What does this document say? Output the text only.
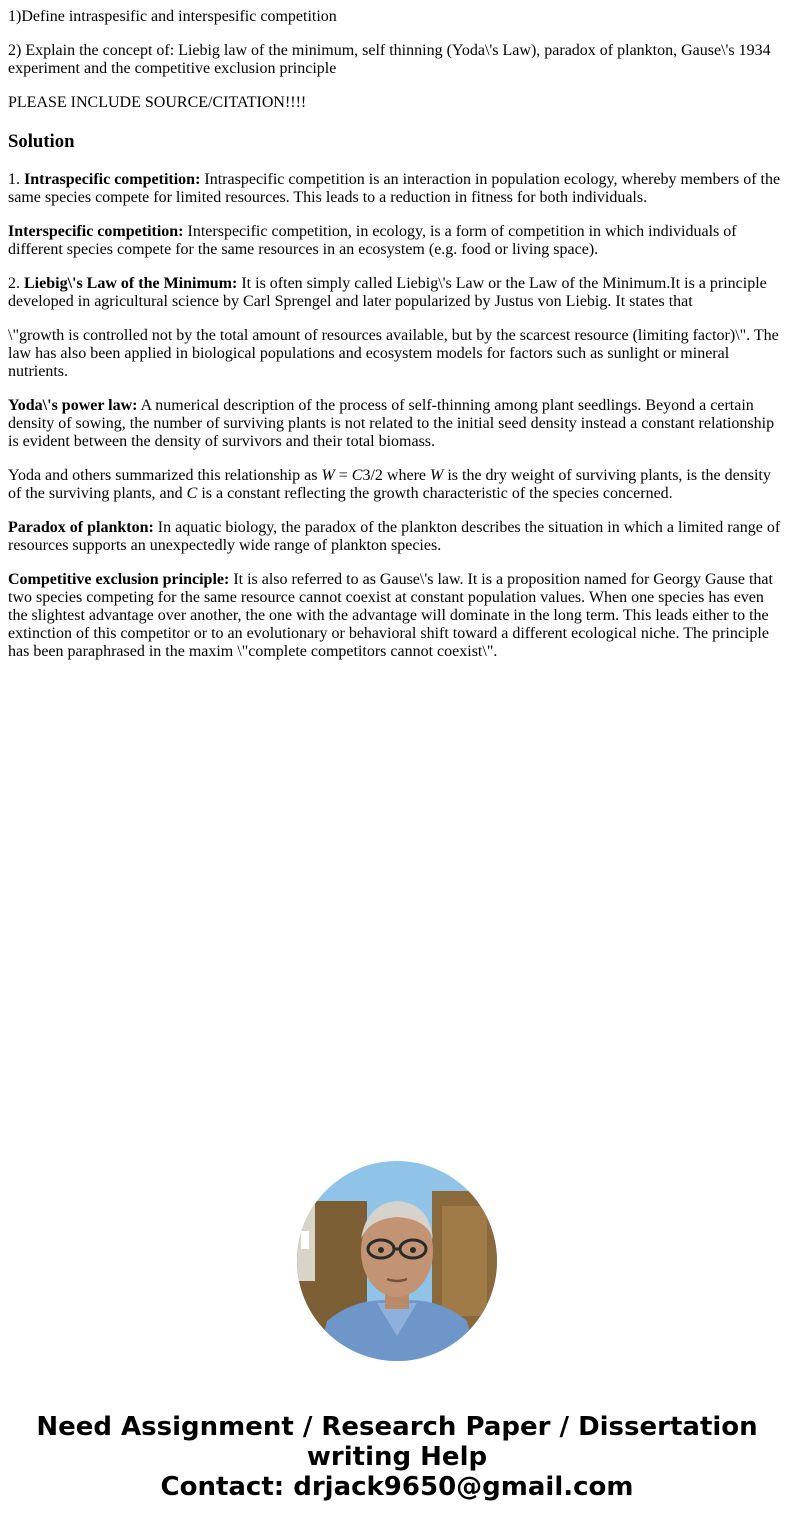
1)Define intraspesific and interspesific competition

2) Explain the concept of: Liebig law of the minimum, self thinning (Yoda\'s Law), paradox of plankton, Gause\'s 1934 experiment and the competitive exclusion principle

PLEASE INCLUDE SOURCE/CITATION!!!!

Solution

1. Intraspecific competition: Intraspecific competition is an interaction in population ecology, whereby members of the same species compete for limited resources. This leads to a reduction in fitness for both individuals.

Interspecific competition: Interspecific competition, in ecology, is a form of competition in which individuals of different species compete for the same resources in an ecosystem (e.g. food or living space).

2. Liebig\'s Law of the Minimum: It is often simply called Liebig\'s Law or the Law of the Minimum.It is a principle developed in agricultural science by Carl Sprengel and later popularized by Justus von Liebig. It states that

\"growth is controlled not by the total amount of resources available, but by the scarcest resource (limiting factor)\". The law has also been applied in biological populations and ecosystem models for factors such as sunlight or mineral nutrients.

Yoda\'s power law: A numerical description of the process of self-thinning among plant seedlings. Beyond a certain density of sowing, the number of surviving plants is not related to the initial seed density instead a constant relationship is evident between the density of survivors and their total biomass.

Yoda and others summarized this relationship as W = C3/2 where W is the dry weight of surviving plants, is the density of the surviving plants, and C is a constant reflecting the growth characteristic of the species concerned.

Paradox of plankton: In aquatic biology, the paradox of the plankton describes the situation in which a limited range of resources supports an unexpectedly wide range of plankton species.

Competitive exclusion principle: It is also referred to as Gause\'s law. It is a proposition named for Georgy Gause that two species competing for the same resource cannot coexist at constant population values. When one species has even the slightest advantage over another, the one with the advantage will dominate in the long term. This leads either to the extinction of this competitor or to an evolutionary or behavioral shift toward a different ecological niche. The principle has been paraphrased in the maxim \"complete competitors cannot coexist\".

Need Assignment / Research Paper / Dissertation
writing Help
Contact: drjack9650@gmail.com
